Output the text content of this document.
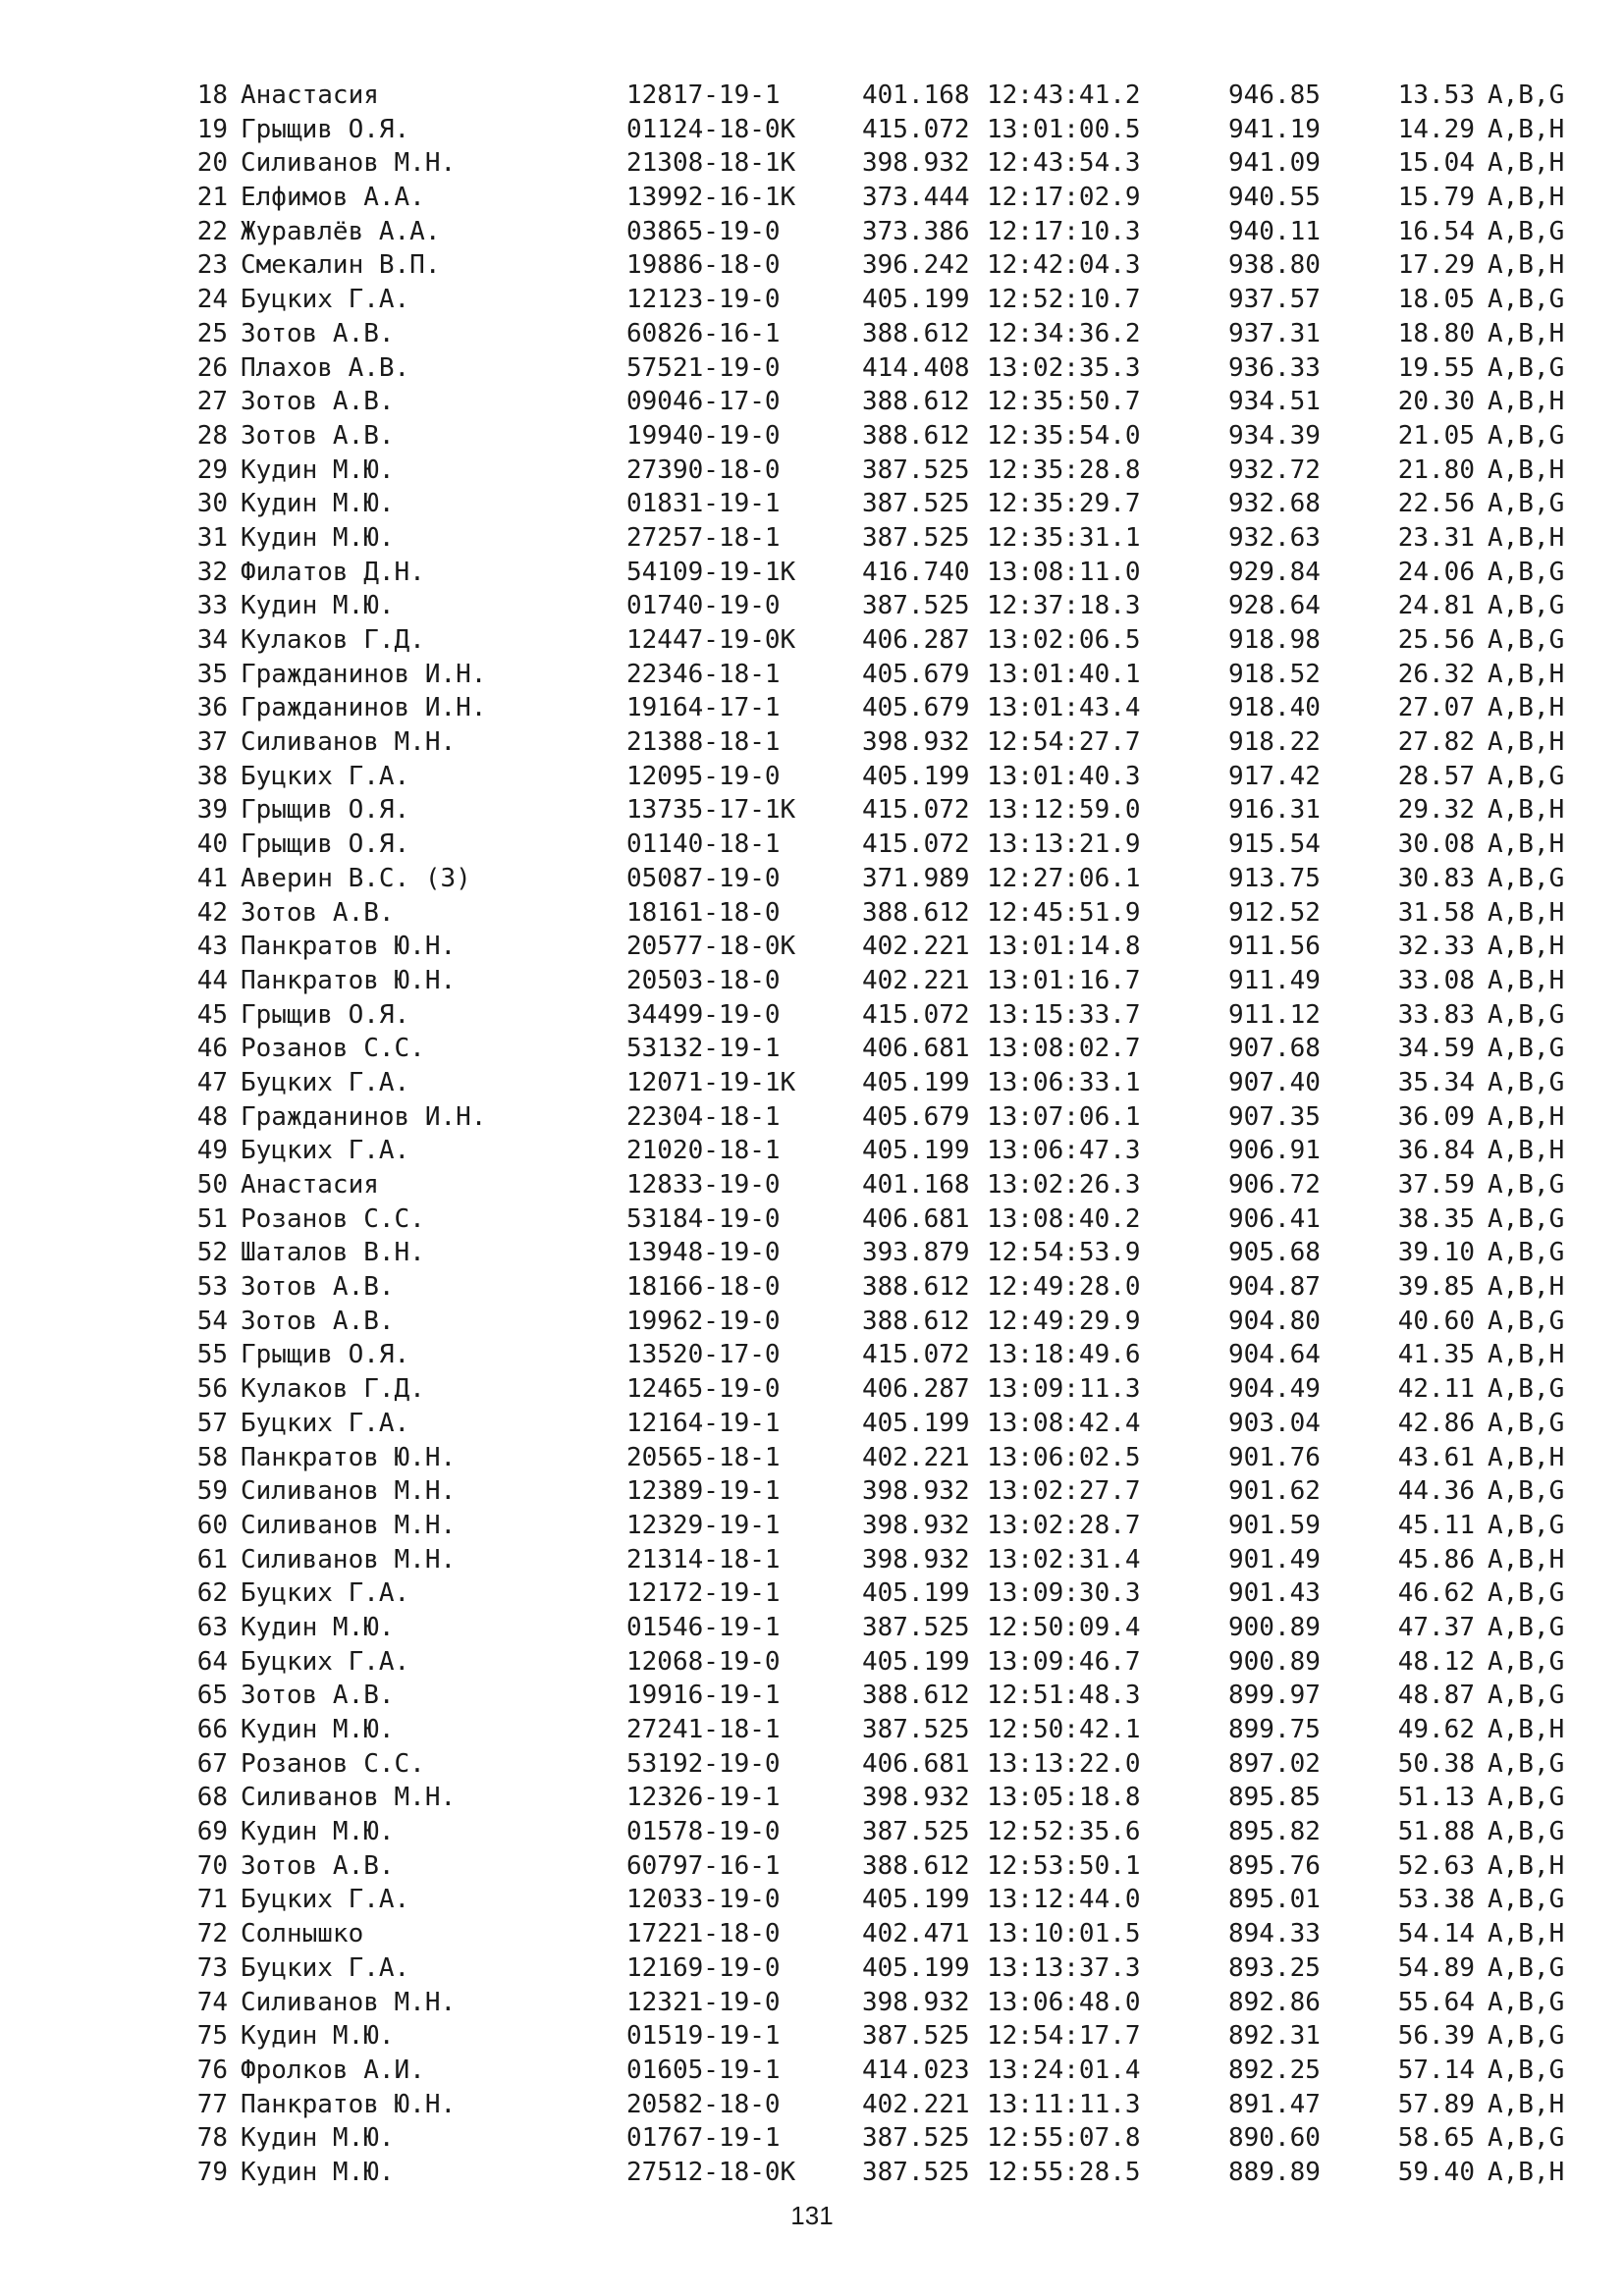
18 Анастасия	12817-19-1	401.168 12:43:41.2	946.85	13.53 A,B,G
19 Грыщив О.Я.	01124-18-0K	415.072 13:01:00.5	941.19	14.29 A,B,H
20 Силиванов М.Н.	21308-18-1K	398.932 12:43:54.3	941.09	15.04 A,B,H
21 Елфимов А.А.	13992-16-1K	373.444 12:17:02.9	940.55	15.79 A,B,H
22 Журавлёв А.А.	03865-19-0	373.386 12:17:10.3	940.11	16.54 A,B,G
23 Смекалин В.П.	19886-18-0	396.242 12:42:04.3	938.80	17.29 A,B,H
24 Буцких Г.А.	12123-19-0	405.199 12:52:10.7	937.57	18.05 A,B,G
25 Зотов А.В.	60826-16-1	388.612 12:34:36.2	937.31	18.80 A,B,H
26 Плахов А.В.	57521-19-0	414.408 13:02:35.3	936.33	19.55 A,B,G
27 Зотов А.В.	09046-17-0	388.612 12:35:50.7	934.51	20.30 A,B,H
28 Зотов А.В.	19940-19-0	388.612 12:35:54.0	934.39	21.05 A,B,G
29 Кудин М.Ю.	27390-18-0	387.525 12:35:28.8	932.72	21.80 A,B,H
30 Кудин М.Ю.	01831-19-1	387.525 12:35:29.7	932.68	22.56 A,B,G
31 Кудин М.Ю.	27257-18-1	387.525 12:35:31.1	932.63	23.31 A,B,H
32 Филатов Д.Н.	54109-19-1K	416.740 13:08:11.0	929.84	24.06 A,B,G
33 Кудин М.Ю.	01740-19-0	387.525 12:37:18.3	928.64	24.81 A,B,G
34 Кулаков Г.Д.	12447-19-0K	406.287 13:02:06.5	918.98	25.56 A,B,G
35 Гражданинов И.Н.	22346-18-1	405.679 13:01:40.1	918.52	26.32 A,B,H
36 Гражданинов И.Н.	19164-17-1	405.679 13:01:43.4	918.40	27.07 A,B,H
37 Силиванов М.Н.	21388-18-1	398.932 12:54:27.7	918.22	27.82 A,B,H
38 Буцких Г.А.	12095-19-0	405.199 13:01:40.3	917.42	28.57 A,B,G
39 Грыщив О.Я.	13735-17-1K	415.072 13:12:59.0	916.31	29.32 A,B,H
40 Грыщив О.Я.	01140-18-1	415.072 13:13:21.9	915.54	30.08 A,B,H
41 Аверин В.С. (З)	05087-19-0	371.989 12:27:06.1	913.75	30.83 A,B,G
42 Зотов А.В.	18161-18-0	388.612 12:45:51.9	912.52	31.58 A,B,H
43 Панкратов Ю.Н.	20577-18-0K	402.221 13:01:14.8	911.56	32.33 A,B,H
44 Панкратов Ю.Н.	20503-18-0	402.221 13:01:16.7	911.49	33.08 A,B,H
45 Грыщив О.Я.	34499-19-0	415.072 13:15:33.7	911.12	33.83 A,B,G
46 Розанов С.С.	53132-19-1	406.681 13:08:02.7	907.68	34.59 A,B,G
47 Буцких Г.А.	12071-19-1K	405.199 13:06:33.1	907.40	35.34 A,B,G
48 Гражданинов И.Н.	22304-18-1	405.679 13:07:06.1	907.35	36.09 A,B,H
49 Буцких Г.А.	21020-18-1	405.199 13:06:47.3	906.91	36.84 A,B,H
50 Анастасия	12833-19-0	401.168 13:02:26.3	906.72	37.59 A,B,G
51 Розанов С.С.	53184-19-0	406.681 13:08:40.2	906.41	38.35 A,B,G
52 Шаталов В.Н.	13948-19-0	393.879 12:54:53.9	905.68	39.10 A,B,G
53 Зотов А.В.	18166-18-0	388.612 12:49:28.0	904.87	39.85 A,B,H
54 Зотов А.В.	19962-19-0	388.612 12:49:29.9	904.80	40.60 A,B,G
55 Грыщив О.Я.	13520-17-0	415.072 13:18:49.6	904.64	41.35 A,B,H
56 Кулаков Г.Д.	12465-19-0	406.287 13:09:11.3	904.49	42.11 A,B,G
57 Буцких Г.А.	12164-19-1	405.199 13:08:42.4	903.04	42.86 A,B,G
58 Панкратов Ю.Н.	20565-18-1	402.221 13:06:02.5	901.76	43.61 A,B,H
59 Силиванов М.Н.	12389-19-1	398.932 13:02:27.7	901.62	44.36 A,B,G
60 Силиванов М.Н.	12329-19-1	398.932 13:02:28.7	901.59	45.11 A,B,G
61 Силиванов М.Н.	21314-18-1	398.932 13:02:31.4	901.49	45.86 A,B,H
62 Буцких Г.А.	12172-19-1	405.199 13:09:30.3	901.43	46.62 A,B,G
63 Кудин М.Ю.	01546-19-1	387.525 12:50:09.4	900.89	47.37 A,B,G
64 Буцких Г.А.	12068-19-0	405.199 13:09:46.7	900.89	48.12 A,B,G
65 Зотов А.В.	19916-19-1	388.612 12:51:48.3	899.97	48.87 A,B,G
66 Кудин М.Ю.	27241-18-1	387.525 12:50:42.1	899.75	49.62 A,B,H
67 Розанов С.С.	53192-19-0	406.681 13:13:22.0	897.02	50.38 A,B,G
68 Силиванов М.Н.	12326-19-1	398.932 13:05:18.8	895.85	51.13 A,B,G
69 Кудин М.Ю.	01578-19-0	387.525 12:52:35.6	895.82	51.88 A,B,G
70 Зотов А.В.	60797-16-1	388.612 12:53:50.1	895.76	52.63 A,B,H
71 Буцких Г.А.	12033-19-0	405.199 13:12:44.0	895.01	53.38 A,B,G
72 Солнышко	17221-18-0	402.471 13:10:01.5	894.33	54.14 A,B,H
73 Буцких Г.А.	12169-19-0	405.199 13:13:37.3	893.25	54.89 A,B,G
74 Силиванов М.Н.	12321-19-0	398.932 13:06:48.0	892.86	55.64 A,B,G
75 Кудин М.Ю.	01519-19-1	387.525 12:54:17.7	892.31	56.39 A,B,G
76 Фролков А.И.	01605-19-1	414.023 13:24:01.4	892.25	57.14 A,B,G
77 Панкратов Ю.Н.	20582-18-0	402.221 13:11:11.3	891.47	57.89 A,B,H
78 Кудин М.Ю.	01767-19-1	387.525 12:55:07.8	890.60	58.65 A,B,G
79 Кудин М.Ю.	27512-18-0K	387.525 12:55:28.5	889.89	59.40 A,B,H
131
